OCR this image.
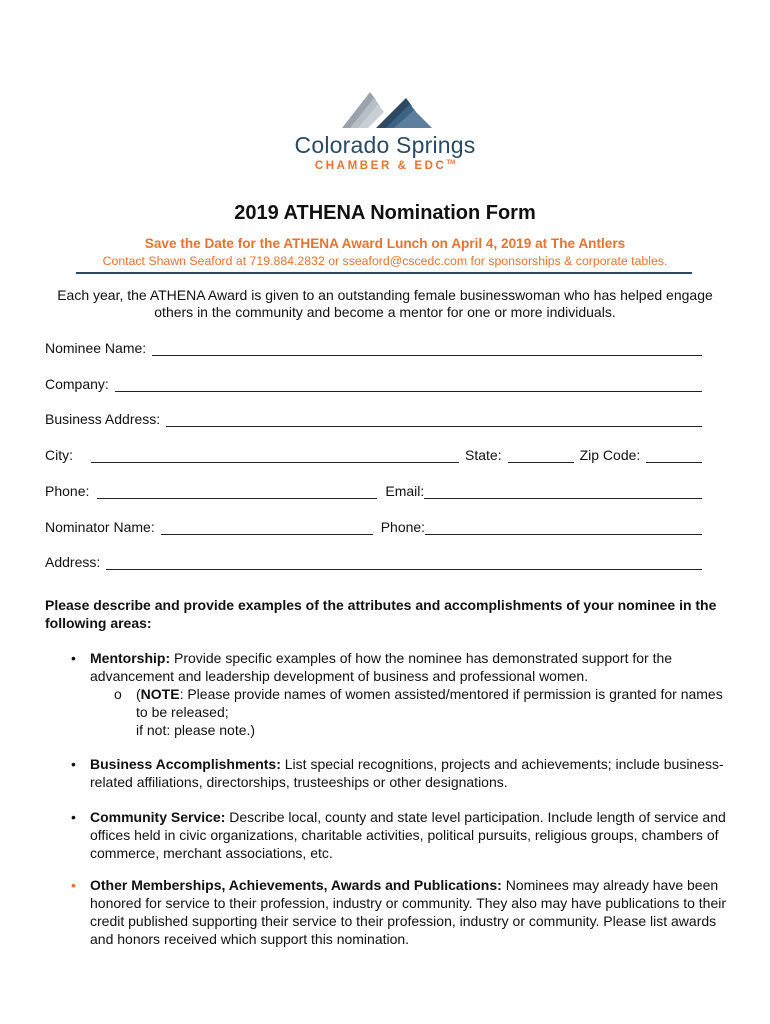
Colorado Springs
CHAMBER & EDC™
2019 ATHENA Nomination Form
Save the Date for the ATHENA Award Lunch on April 4, 2019 at The Antlers
Contact Shawn Seaford at 719.884.2832 or sseaford@cscedc.com for sponsorships & corporate tables.
Each year, the ATHENA Award is given to an outstanding female businesswoman who has helped engage others in the community and become a mentor for one or more individuals.
Nominee Name:
Company:
Business Address:
City:	State:	Zip Code:
Phone:	Email:
Nominator Name:	Phone:
Address:
Please describe and provide examples of the attributes and accomplishments of your nominee in the following areas:
• Mentorship: Provide specific examples of how the nominee has demonstrated support for the advancement and leadership development of business and professional women.
o (NOTE: Please provide names of women assisted/mentored if permission is granted for names to be released;
if not: please note.)
• Business Accomplishments: List special recognitions, projects and achievements; include business-related affiliations, directorships, trusteeships or other designations.
• Community Service: Describe local, county and state level participation. Include length of service and offices held in civic organizations, charitable activities, political pursuits, religious groups, chambers of commerce, merchant associations, etc.
• Other Memberships, Achievements, Awards and Publications: Nominees may already have been honored for service to their profession, industry or community. They also may have publications to their credit published supporting their service to their profession, industry or community. Please list awards and honors received which support this nomination.
